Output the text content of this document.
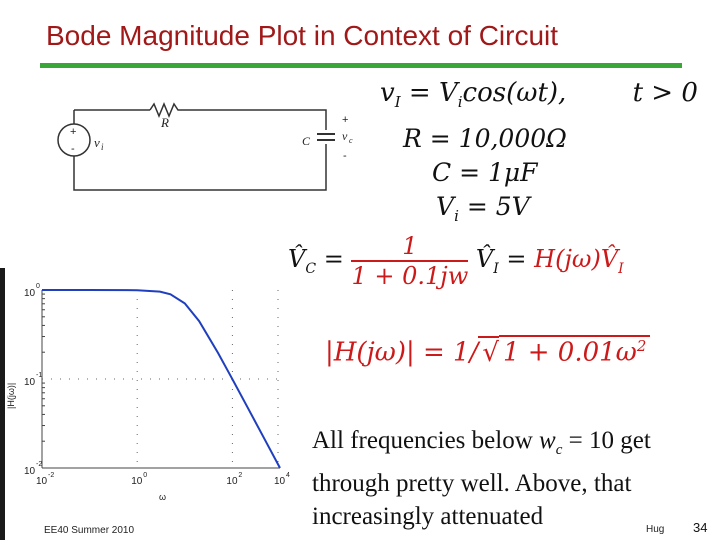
Bode Magnitude Plot in Context of Circuit
+
- v i
R
C
+
v c
-
$v_I = V_i\cos(\omega t)$,	t > 0
R = 10,000Ω
C = 1μF
$V_i = 5V$
$V̂_C = \frac{1}{1 + 0.1jw}$ $V̂_I$ = $H(j\omega)V̂_I$
|H(jω)| = 1/ √ $1 + 0.01\omega^2$
10
-2
10
0
10
2
10
4
10
0
10
-1
10
-2
ω
|H(jω)|
All frequencies below $w_c = 10$ get
through pretty well. Above, that
increasingly attenuated
EE40 Summer 2010	Hug 34
